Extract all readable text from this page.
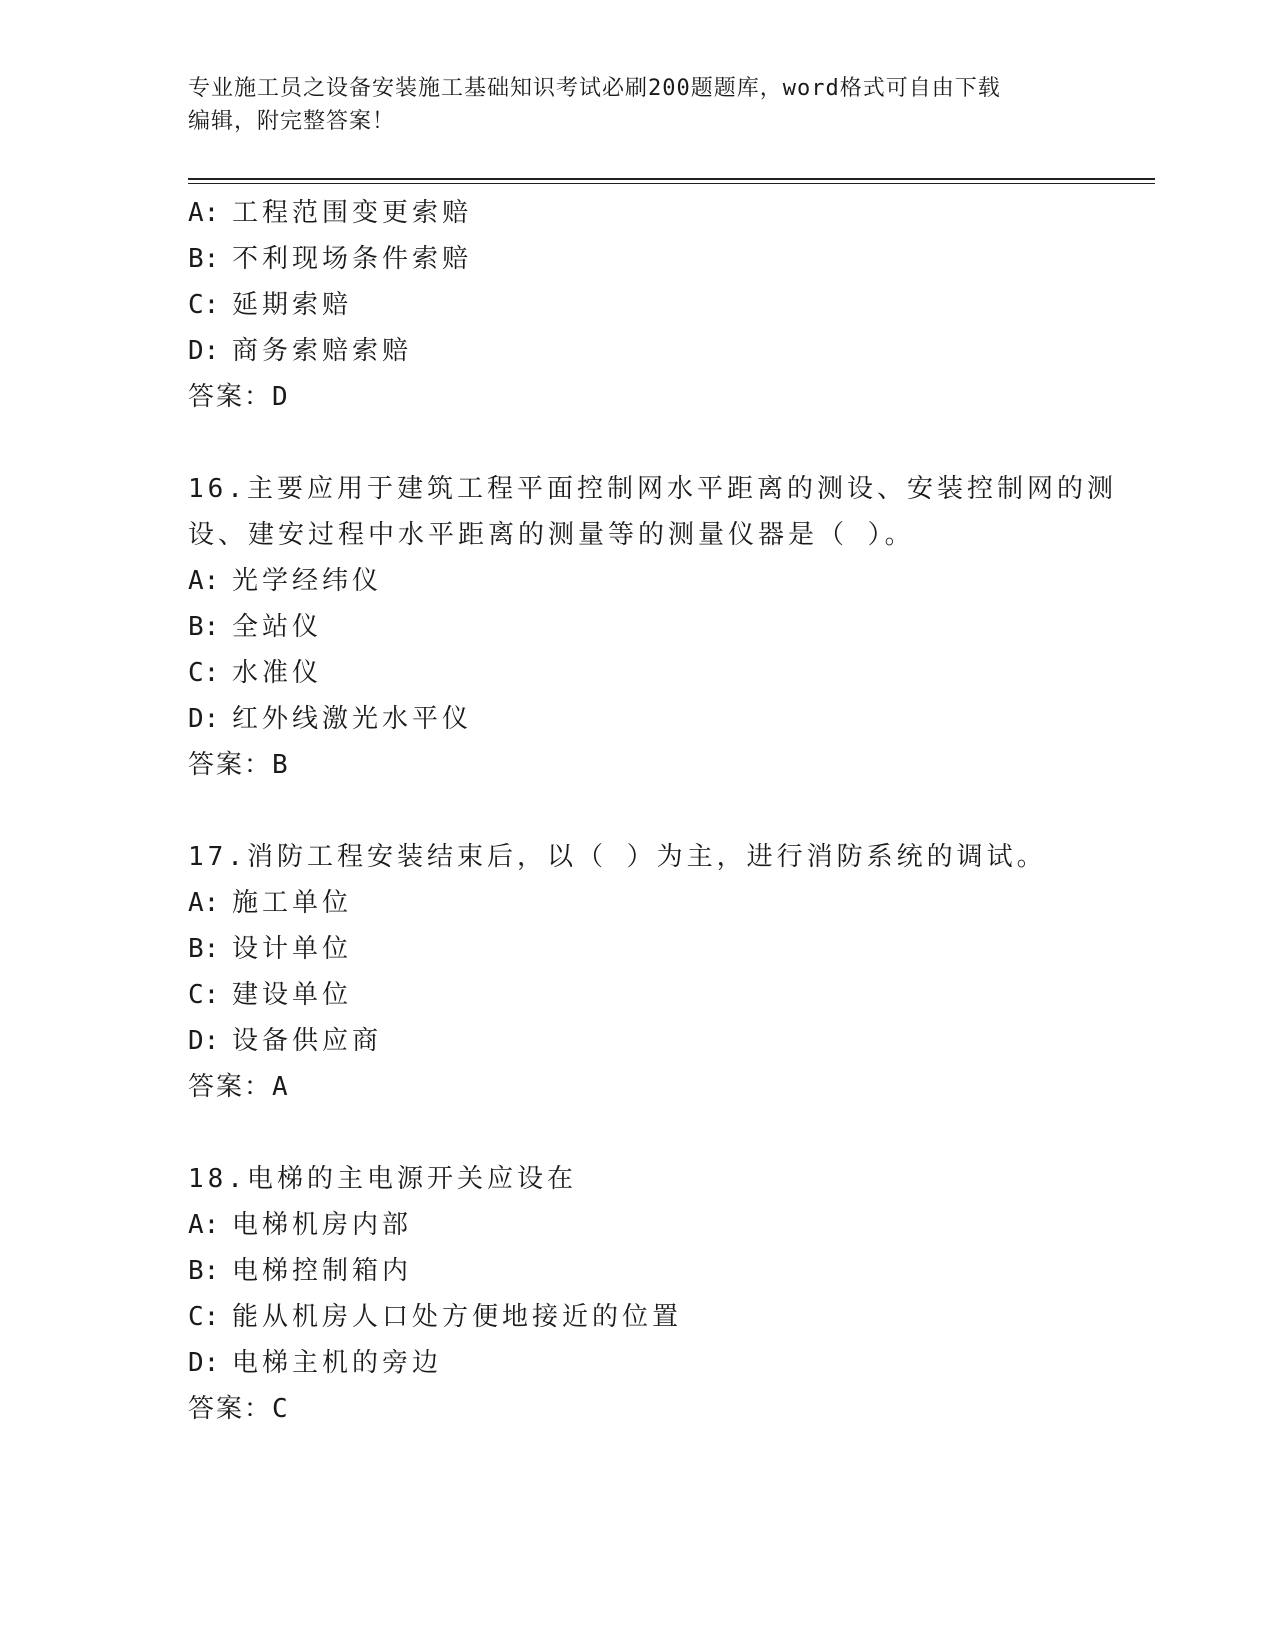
专业施工员之设备安装施工基础知识考试必刷200题题库，word格式可自由下载
编辑，附完整答案！
A: 工程范围变更索赔
B: 不利现场条件索赔
C: 延期索赔
D: 商务索赔索赔
答案：D
16.主要应用于建筑工程平面控制网水平距离的测设、安装控制网的测
设、建安过程中水平距离的测量等的测量仪器是（ ）。
A: 光学经纬仪
B: 全站仪
C: 水准仪
D: 红外线激光水平仪
答案：B
17.消防工程安装结束后，以（ ）为主，进行消防系统的调试。
A: 施工单位
B: 设计单位
C: 建设单位
D: 设备供应商
答案：A
18.电梯的主电源开关应设在
A: 电梯机房内部
B: 电梯控制箱内
C: 能从机房人口处方便地接近的位置
D: 电梯主机的旁边
答案：C
